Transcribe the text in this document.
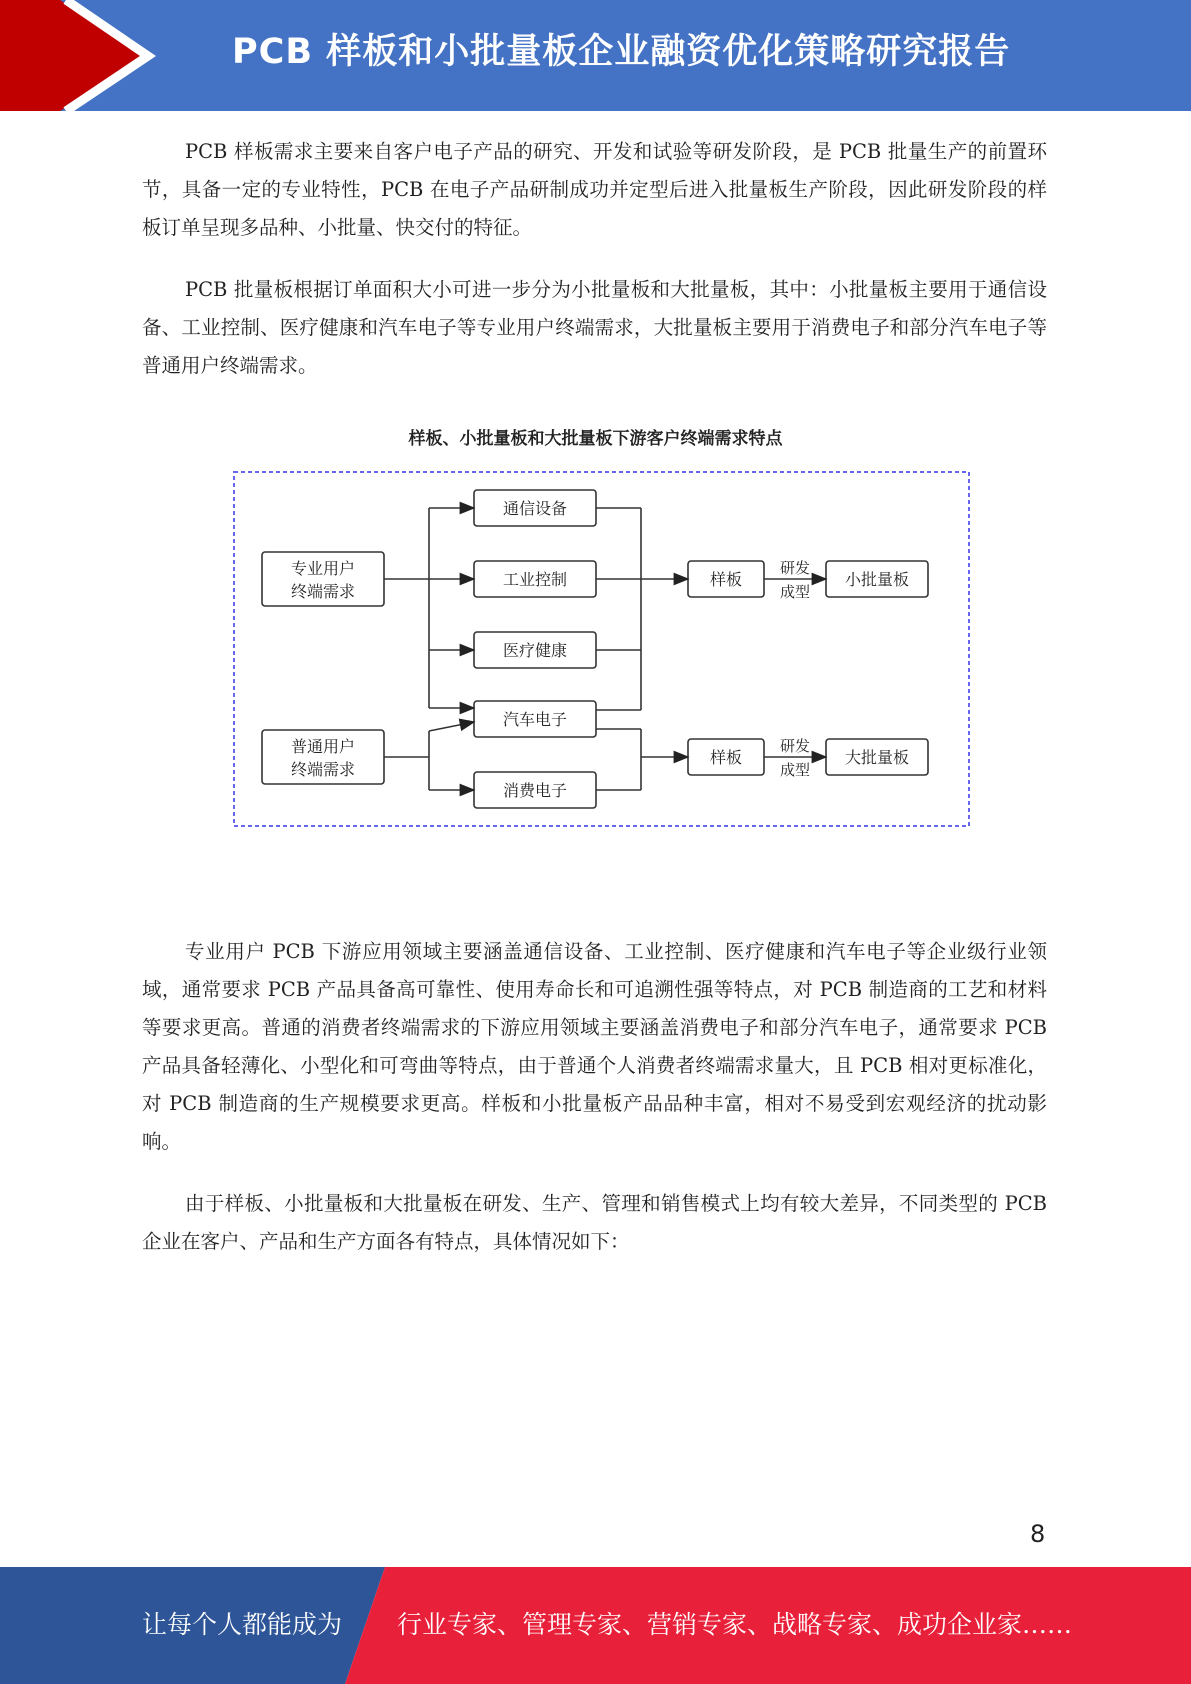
PCB 样板和小批量板企业融资优化策略研究报告

PCB 样板需求主要来自客户电子产品的研究、开发和试验等研发阶段，是 PCB 批量生产的前置环节，具备一定的专业特性，PCB 在电子产品研制成功并定型后进入批量板生产阶段，因此研发阶段的样板订单呈现多品种、小批量、快交付的特征。

PCB 批量板根据订单面积大小可进一步分为小批量板和大批量板，其中：小批量板主要用于通信设备、工业控制、医疗健康和汽车电子等专业用户终端需求，大批量板主要用于消费电子和部分汽车电子等普通用户终端需求。

样板、小批量板和大批量板下游客户终端需求特点
专业用户
终端需求
普通用户
终端需求
通信设备
工业控制
医疗健康
汽车电子
消费电子
样板
样板
研发
成型
研发
成型
小批量板
大批量板

专业用户 PCB 下游应用领域主要涵盖通信设备、工业控制、医疗健康和汽车电子等企业级行业领域，通常要求 PCB 产品具备高可靠性、使用寿命长和可追溯性强等特点，对 PCB 制造商的工艺和材料等要求更高。普通的消费者终端需求的下游应用领域主要涵盖消费电子和部分汽车电子，通常要求 PCB 产品具备轻薄化、小型化和可弯曲等特点，由于普通个人消费者终端需求量大，且 PCB 相对更标准化，对 PCB 制造商的生产规模要求更高。样板和小批量板产品品种丰富，相对不易受到宏观经济的扰动影响。

由于样板、小批量板和大批量板在研发、生产、管理和销售模式上均有较大差异，不同类型的 PCB 企业在客户、产品和生产方面各有特点，具体情况如下：

8
让每个人都能成为 行业专家、管理专家、营销专家、战略专家、成功企业家……
